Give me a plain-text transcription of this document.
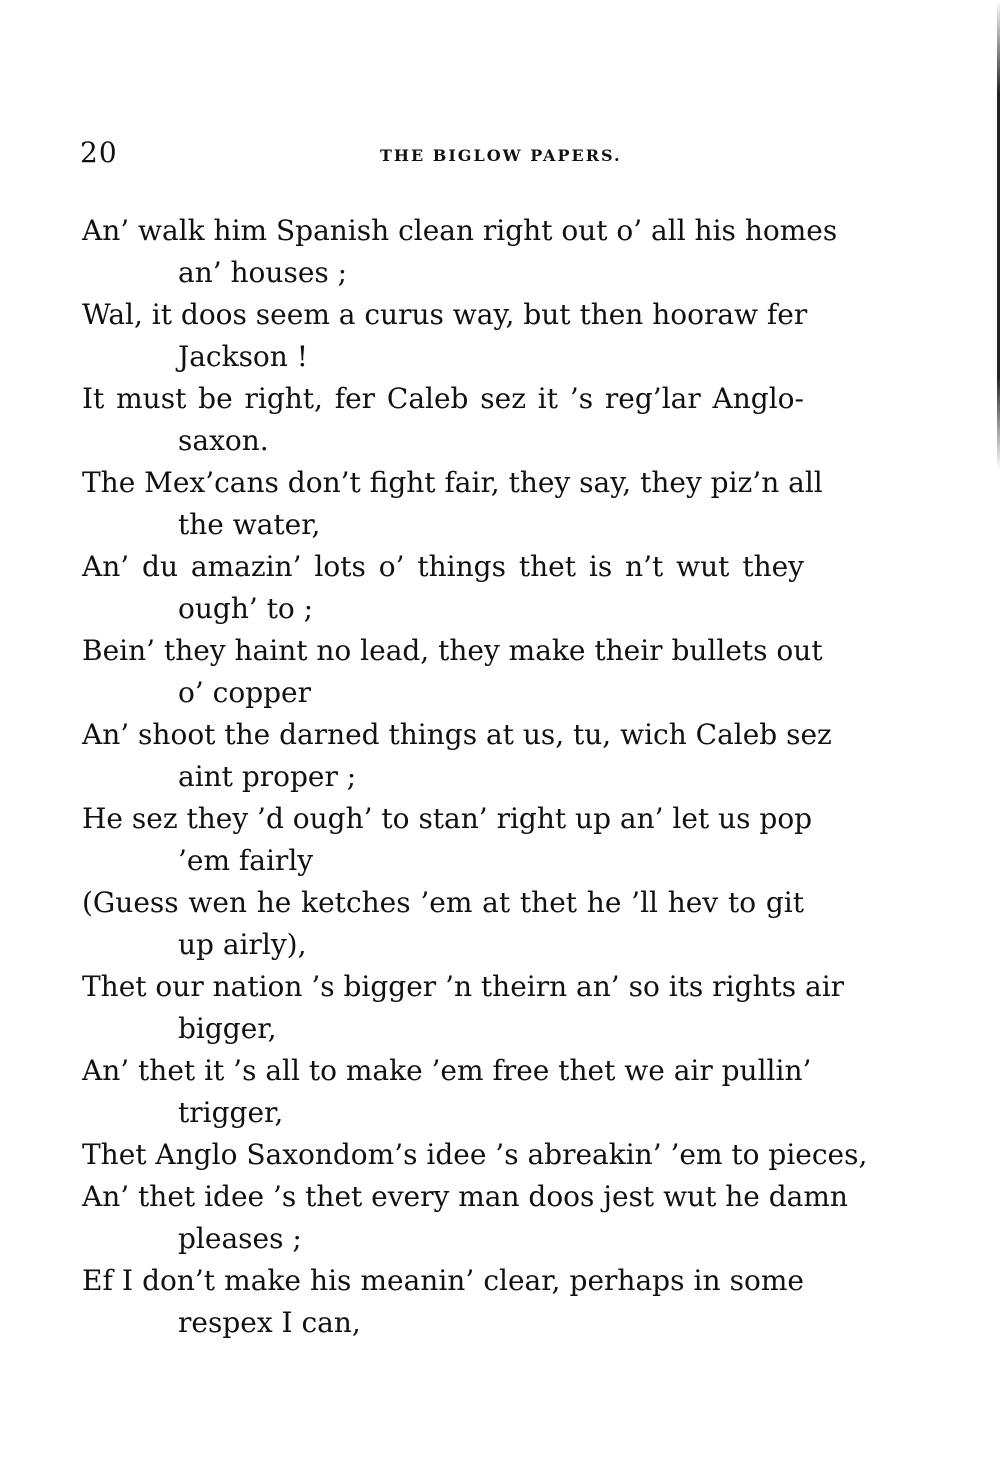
20	THE BIGLOW PAPERS.
An’ walk him Spanish clean right out o’ all his homes
an’ houses ;
Wal, it doos seem a curus way, but then hooraw fer
Jackson !
It must be right, fer Caleb sez it ’s reg’lar Anglo-
saxon.
The Mex’cans don’t fight fair, they say, they piz’n all
the water,
An’ du amazin’ lots o’ things thet is n’t wut they
ough’ to ;
Bein’ they haint no lead, they make their bullets out
o’ copper
An’ shoot the darned things at us, tu, wich Caleb sez
aint proper ;
He sez they ’d ough’ to stan’ right up an’ let us pop
’em fairly
(Guess wen he ketches ’em at thet he ’ll hev to git
up airly),
Thet our nation ’s bigger ’n theirn an’ so its rights air
bigger,
An’ thet it ’s all to make ’em free thet we air pullin’
trigger,
Thet Anglo Saxondom’s idee ’s abreakin’ ’em to pieces,
An’ thet idee ’s thet every man doos jest wut he damn
pleases ;
Ef I don’t make his meanin’ clear, perhaps in some
respex I can,
